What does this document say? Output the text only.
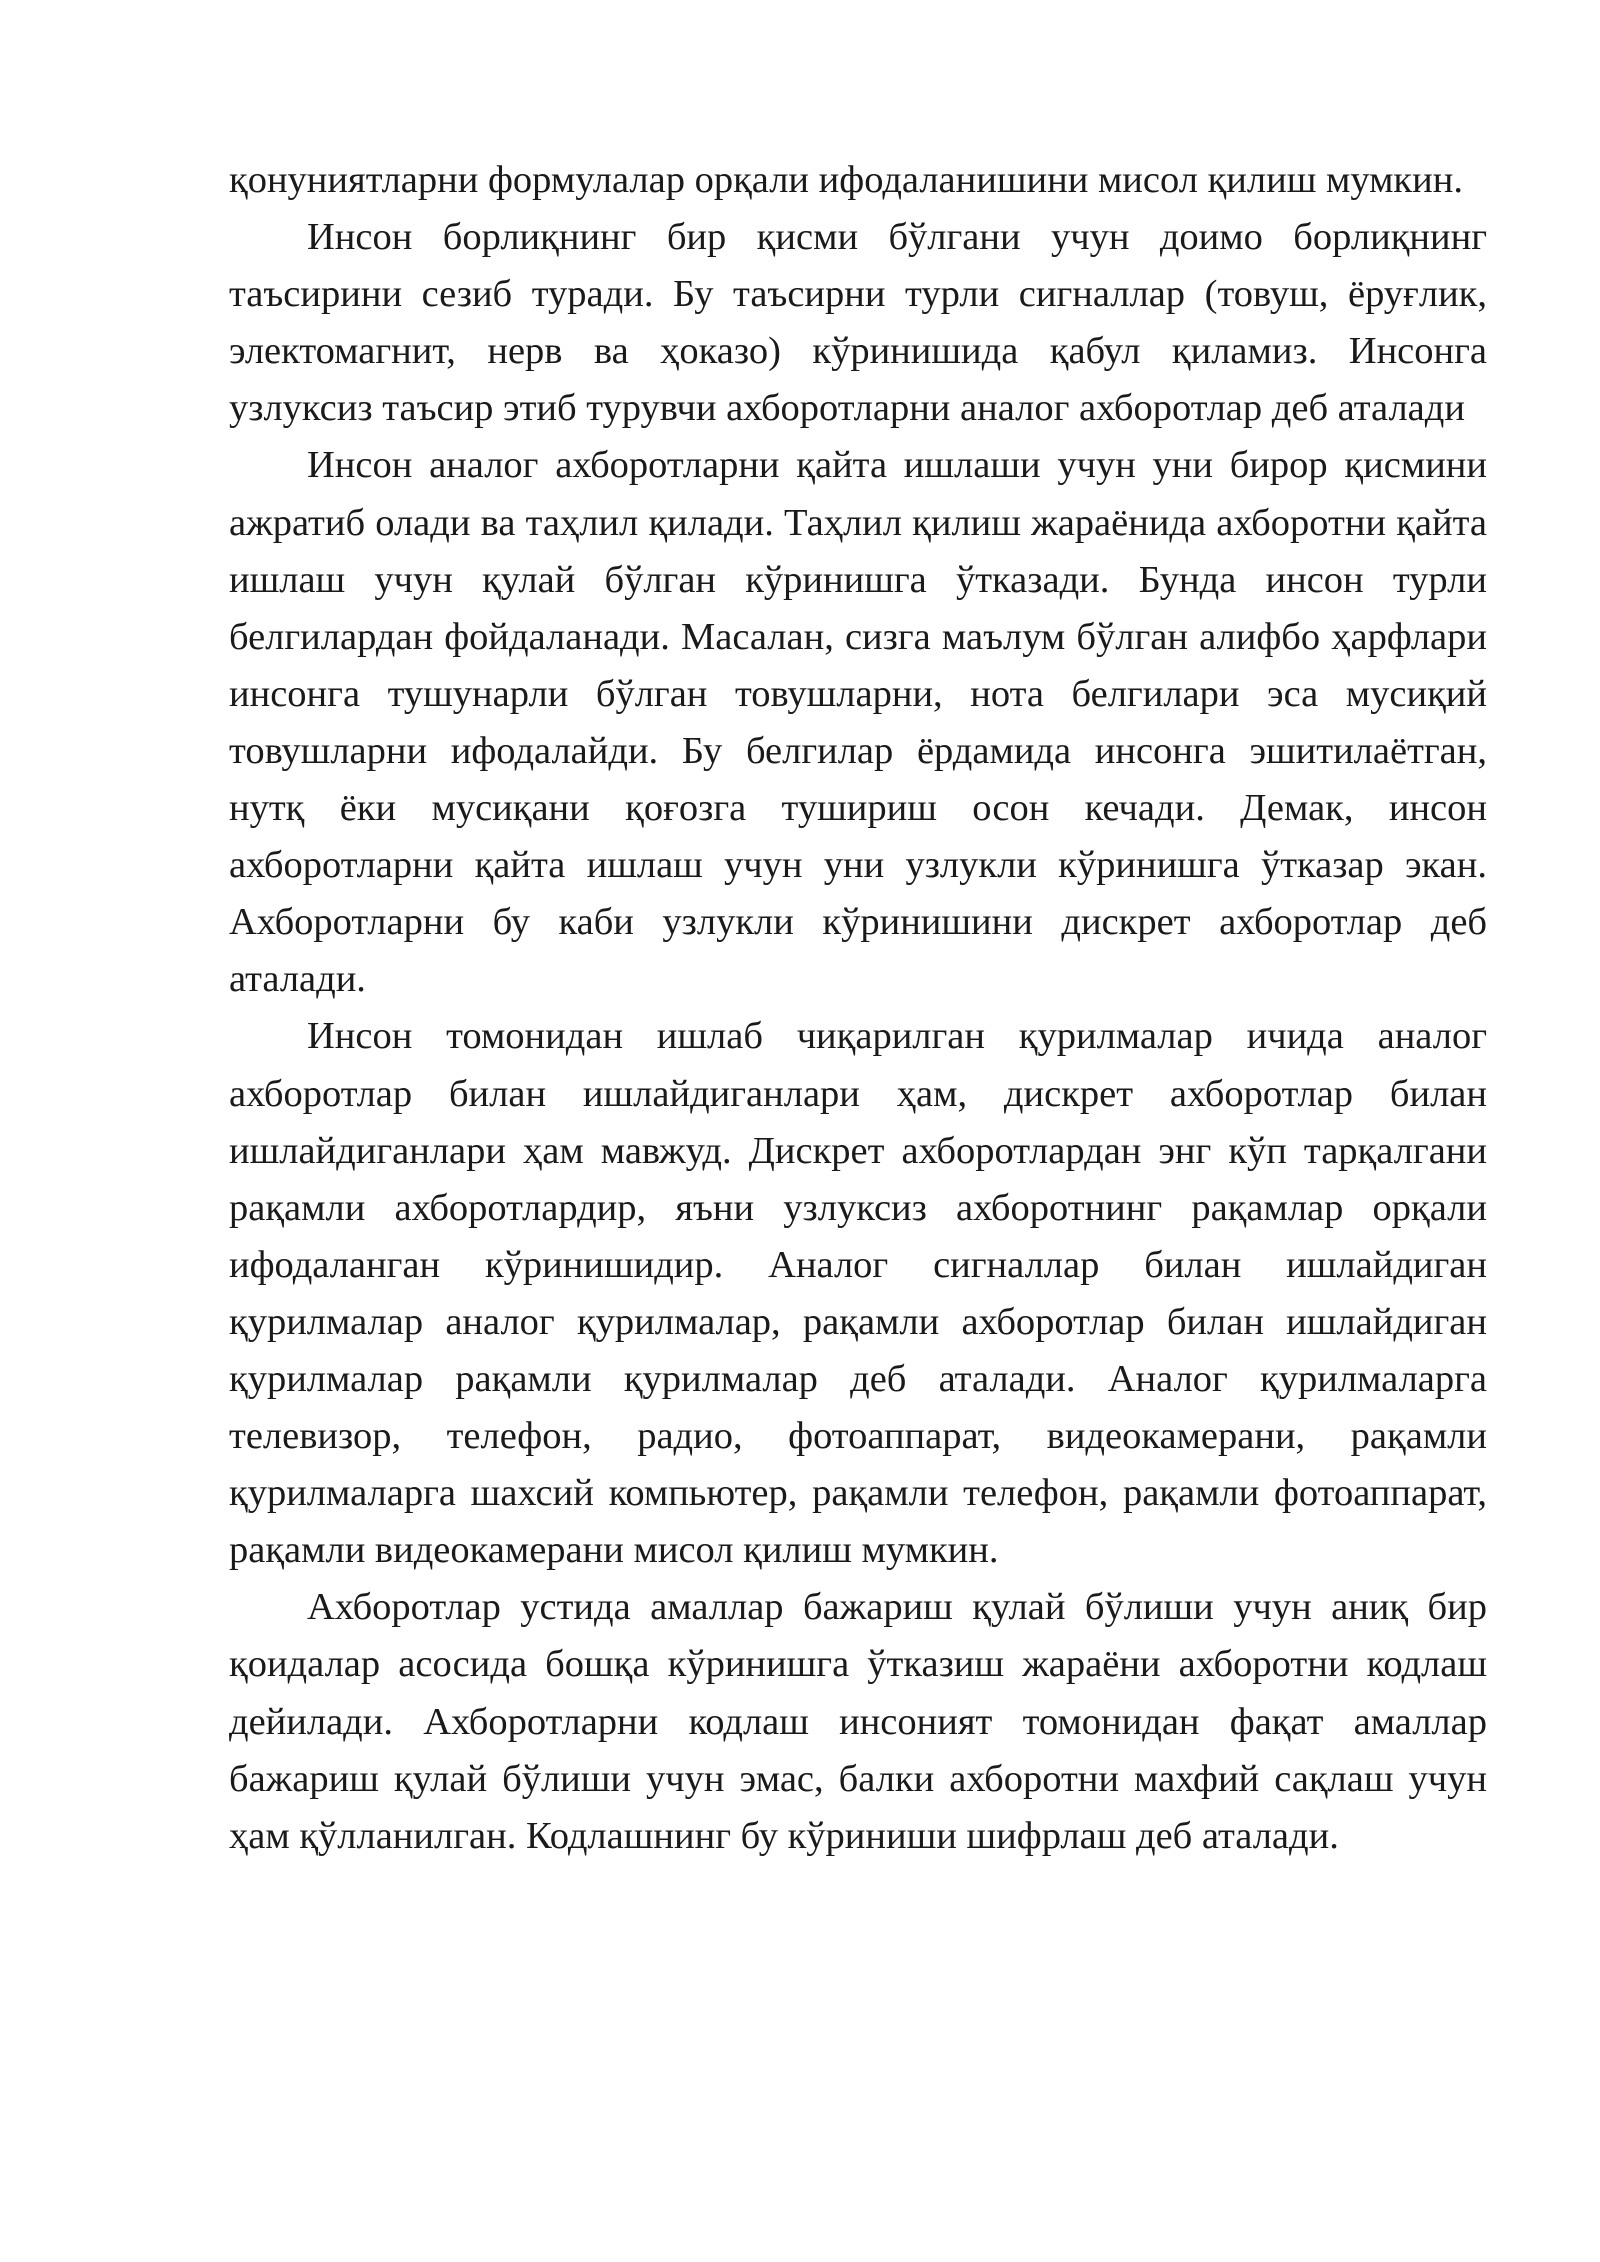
қонуниятларни формулалар орқали ифодаланишини мисол қилиш мумкин.

Инсон борлиқнинг бир қисми бўлгани учун доимо борлиқнинг таъсирини сезиб туради. Бу таъсирни турли сигналлар (товуш, ёруғлик, электомагнит, нерв ва ҳоказо) кўринишида қабул қиламиз. Инсонга узлуксиз таъсир этиб турувчи ахборотларни аналог ахборотлар деб аталади

Инсон аналог ахборотларни қайта ишлаши учун уни бирор қисмини ажратиб олади ва таҳлил қилади. Таҳлил қилиш жараёнида ахборотни қайта ишлаш учун қулай бўлган кўринишга ўтказади. Бунда инсон турли белгилардан фойдаланади. Масалан, сизга маълум бўлган алифбо ҳарфлари инсонга тушунарли бўлган товушларни, нота белгилари эса мусиқий товушларни ифодалайди. Бу белгилар ёрдамида инсонга эшитилаётган, нутқ ёки мусиқани қоғозга тушириш осон кечади. Демак, инсон ахборотларни қайта ишлаш учун уни узлукли кўринишга ўтказар экан. Ахборотларни бу каби узлукли кўринишини дискрет ахборотлар деб аталади.

Инсон томонидан ишлаб чиқарилган қурилмалар ичида аналог ахборотлар билан ишлайдиганлари ҳам, дискрет ахборотлар билан ишлайдиганлари ҳам мавжуд. Дискрет ахборотлардан энг кўп тарқалгани рақамли ахборотлардир, яъни узлуксиз ахборотнинг рақамлар орқали ифодаланган кўринишидир. Аналог сигналлар билан ишлайдиган қурилмалар аналог қурилмалар, рақамли ахборотлар билан ишлайдиган қурилмалар рақамли қурилмалар деб аталади. Аналог қурилмаларга телевизор, телефон, радио, фотоаппарат, видеокамерани, рақамли қурилмаларга шахсий компьютер, рақамли телефон, рақамли фотоаппарат, рақамли видеокамерани мисол қилиш мумкин.

Ахборотлар устида амаллар бажариш қулай бўлиши учун аниқ бир қоидалар асосида бошқа кўринишга ўтказиш жараёни ахборотни кодлаш дейилади. Ахборотларни кодлаш инсоният томонидан фақат амаллар бажариш қулай бўлиши учун эмас, балки ахборотни махфий сақлаш учун ҳам қўлланилган. Кодлашнинг бу кўриниши шифрлаш деб аталади.
